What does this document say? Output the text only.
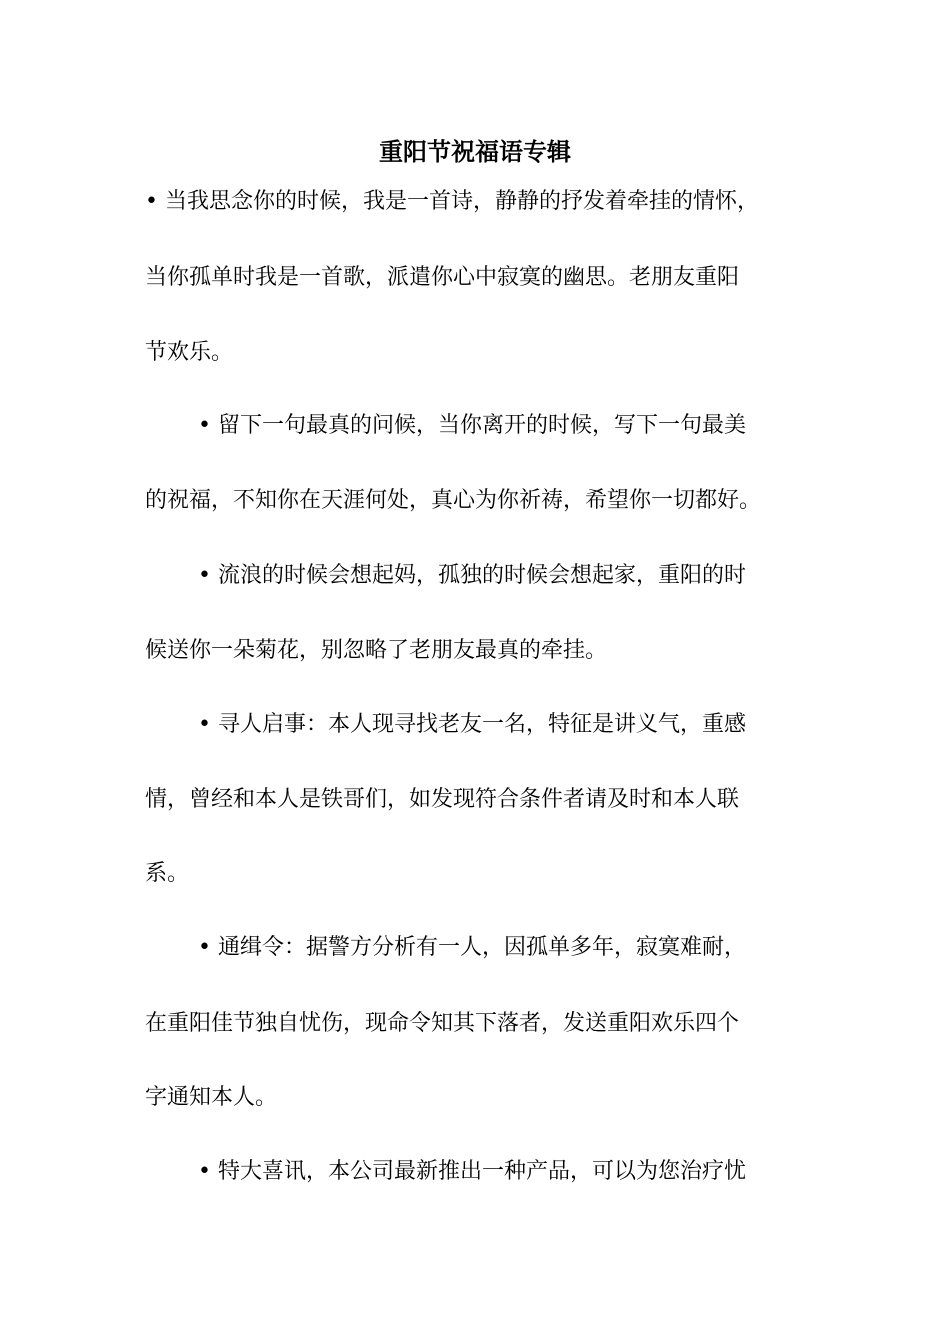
重阳节祝福语专辑

• 当我思念你的时候，我是一首诗，静静的抒发着牵挂的情怀，

当你孤单时我是一首歌，派遣你心中寂寞的幽思。老朋友重阳

节欢乐。

• 留下一句最真的问候，当你离开的时候，写下一句最美

的祝福，不知你在天涯何处，真心为你祈祷，希望你一切都好。

• 流浪的时候会想起妈，孤独的时候会想起家，重阳的时

候送你一朵菊花，别忽略了老朋友最真的牵挂。

• 寻人启事：本人现寻找老友一名，特征是讲义气，重感

情，曾经和本人是铁哥们，如发现符合条件者请及时和本人联

系。

• 通缉令：据警方分析有一人，因孤单多年，寂寞难耐，

在重阳佳节独自忧伤，现命令知其下落者，发送重阳欢乐四个

字通知本人。

• 特大喜讯，本公司最新推出一种产品，可以为您治疗忧
